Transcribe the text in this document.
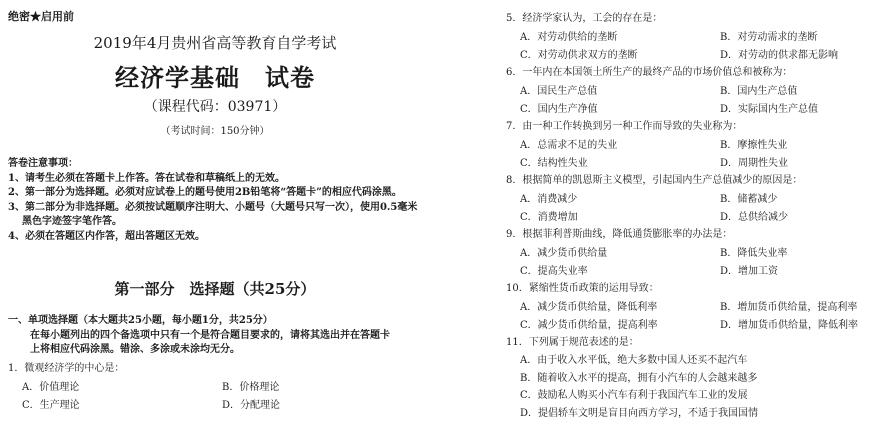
绝密★启用前
2019年4月贵州省高等教育自学考试
经济学基础　试卷
（课程代码：03971）
（考试时间：150分钟）
答卷注意事项：
1、请考生必须在答题卡上作答。答在试卷和草稿纸上的无效。
2、第一部分为选择题。必须对应试卷上的题号使用2B铅笔将“答题卡”的相应代码涂黑。
3、第二部分为非选择题。必须按试题顺序注明大、小题号（大题号只写一次），使用0.5毫米
黑色字迹签字笔作答。
4、必须在答题区内作答，超出答题区无效。
第一部分　选择题（共25分）
一、单项选择题（本大题共25小题，每小题1分，共25分）
在每小题列出的四个备选项中只有一个是符合题目要求的，请将其选出并在答题卡
上将相应代码涂黑。错涂、多涂或未涂均无分。
1．微观经济学的中心是：
A．价值理论	B．价格理论
C．生产理论	D．分配理论
5．经济学家认为，工会的存在是：
A．对劳动供给的垄断	B．对劳动需求的垄断
C．对劳动供求双方的垄断	D．对劳动的供求都无影响
6．一年内在本国领土所生产的最终产品的市场价值总和被称为：
A．国民生产总值	B．国内生产总值
C．国内生产净值	D．实际国内生产总值
7．由一种工作转换到另一种工作而导致的失业称为：
A．总需求不足的失业	B．摩擦性失业
C．结构性失业	D．周期性失业
8．根据简单的凯恩斯主义模型，引起国内生产总值减少的原因是：
A．消费减少	B．储蓄减少
C．消费增加	D．总供给减少
9．根据菲利普斯曲线，降低通货膨胀率的办法是：
A．减少货币供给量	B．降低失业率
C．提高失业率	D．增加工资
10．紧缩性货币政策的运用导致：
A．减少货币供给量，降低利率	B．增加货币供给量，提高利率
C．减少货币供给量，提高利率	D．增加货币供给量，降低利率
11．下列属于规范表述的是：
A．由于收入水平低，绝大多数中国人还买不起汽车
B．随着收入水平的提高，拥有小汽车的人会越来越多
C．鼓励私人购买小汽车有利于我国汽车工业的发展
D．提倡轿车文明是盲目向西方学习，不适于我国国情
